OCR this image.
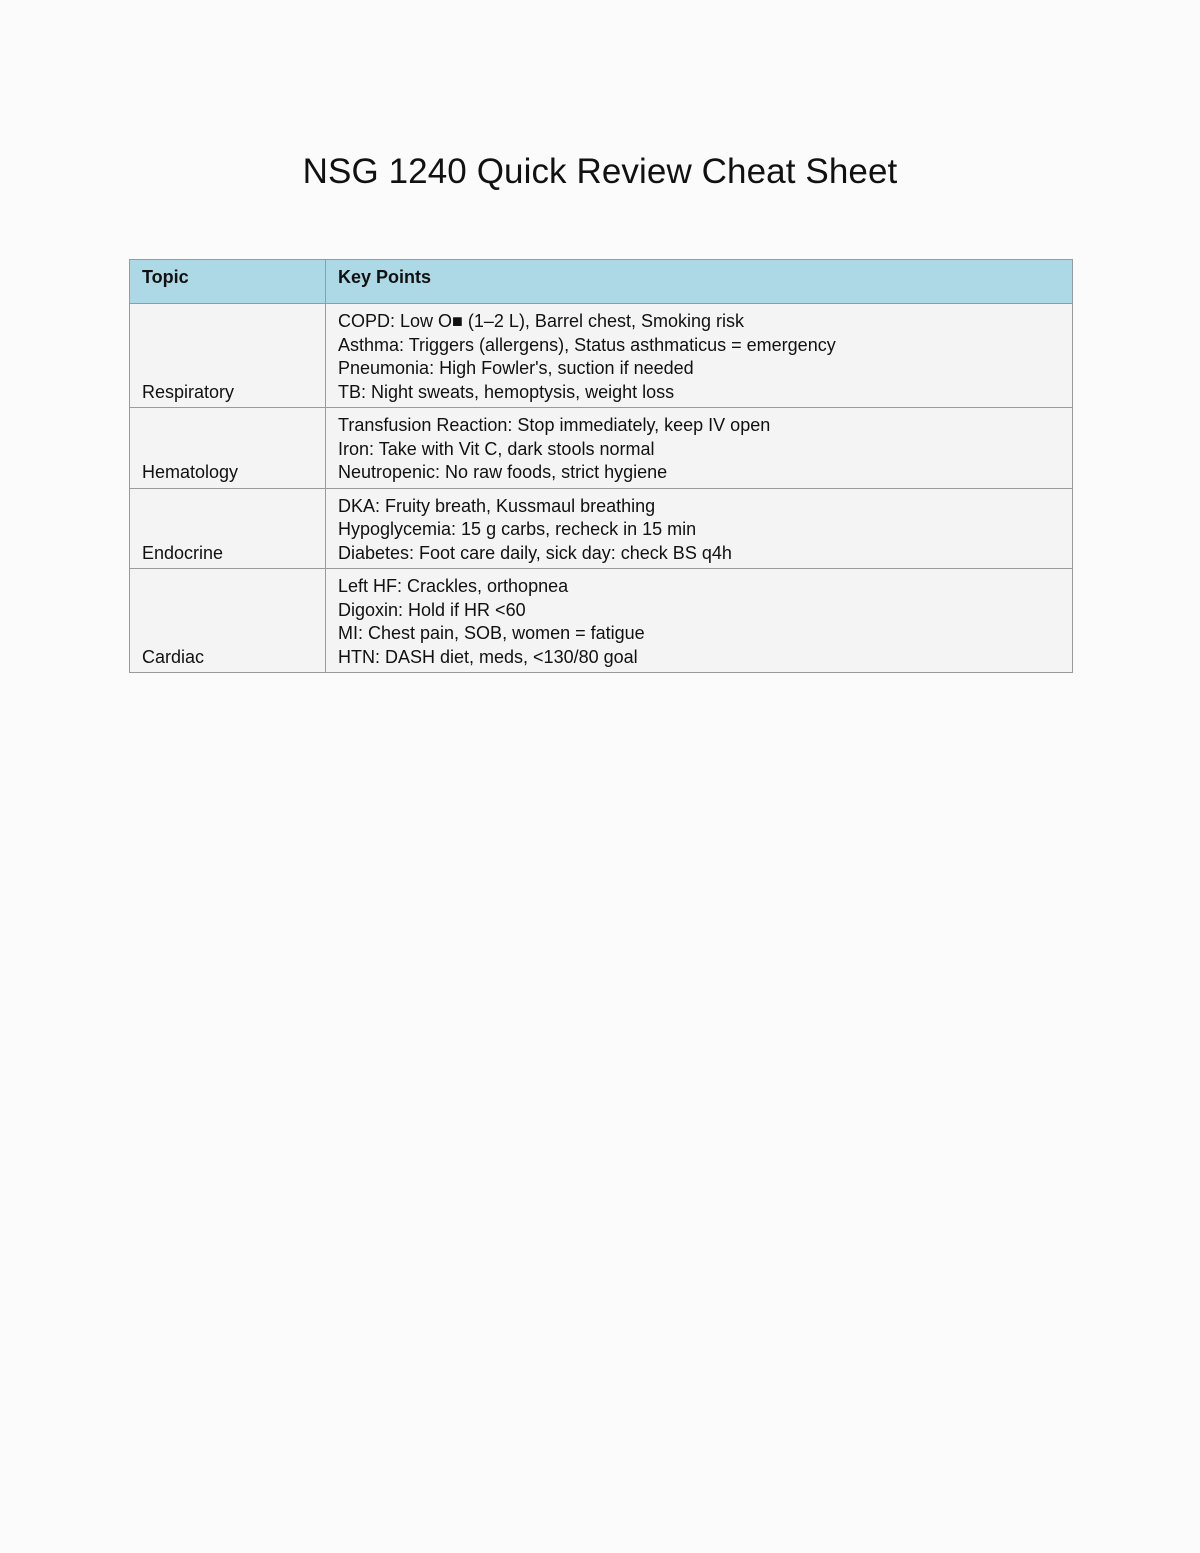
NSG 1240 Quick Review Cheat Sheet
Topic	Key Points
Respiratory	COPD: Low O■ (1–2 L), Barrel chest, Smoking risk
Asthma: Triggers (allergens), Status asthmaticus = emergency
Pneumonia: High Fowler's, suction if needed
TB: Night sweats, hemoptysis, weight loss

Hematology	Transfusion Reaction: Stop immediately, keep IV open
Iron: Take with Vit C, dark stools normal
Neutropenic: No raw foods, strict hygiene

Endocrine	DKA: Fruity breath, Kussmaul breathing
Hypoglycemia: 15 g carbs, recheck in 15 min
Diabetes: Foot care daily, sick day: check BS q4h

Cardiac	Left HF: Crackles, orthopnea
Digoxin: Hold if HR <60
MI: Chest pain, SOB, women = fatigue
HTN: DASH diet, meds, <130/80 goal
